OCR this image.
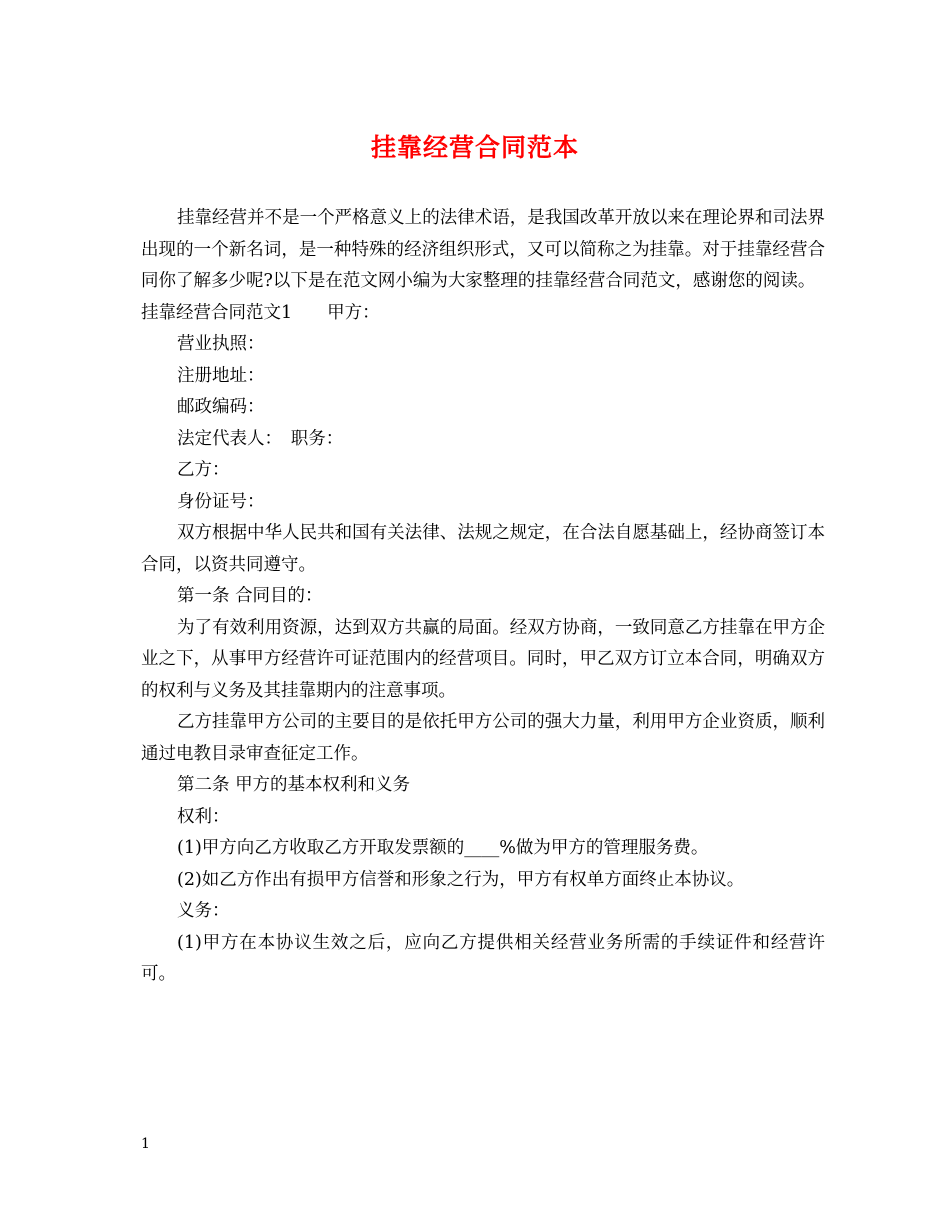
挂靠经营合同范本

挂靠经营并不是一个严格意义上的法律术语，是我国改革开放以来在理论界和司法界出现的一个新名词，是一种特殊的经济组织形式，又可以简称之为挂靠。对于挂靠经营合同你了解多少呢?以下是在范文网小编为大家整理的挂靠经营合同范文，感谢您的阅读。

挂靠经营合同范文1　　甲方：

营业执照：

注册地址：

邮政编码：

法定代表人：　职务：

乙方：

身份证号：

双方根据中华人民共和国有关法律、法规之规定，在合法自愿基础上，经协商签订本合同，以资共同遵守。

第一条 合同目的：

为了有效利用资源，达到双方共赢的局面。经双方协商，一致同意乙方挂靠在甲方企业之下，从事甲方经营许可证范围内的经营项目。同时，甲乙双方订立本合同，明确双方的权利与义务及其挂靠期内的注意事项。

乙方挂靠甲方公司的主要目的是依托甲方公司的强大力量，利用甲方企业资质，顺利通过电教目录审查征定工作。

第二条 甲方的基本权利和义务

权利：

(1)甲方向乙方收取乙方开取发票额的____%做为甲方的管理服务费。

(2)如乙方作出有损甲方信誉和形象之行为，甲方有权单方面终止本协议。

义务：

(1)甲方在本协议生效之后，应向乙方提供相关经营业务所需的手续证件和经营许可。

1
